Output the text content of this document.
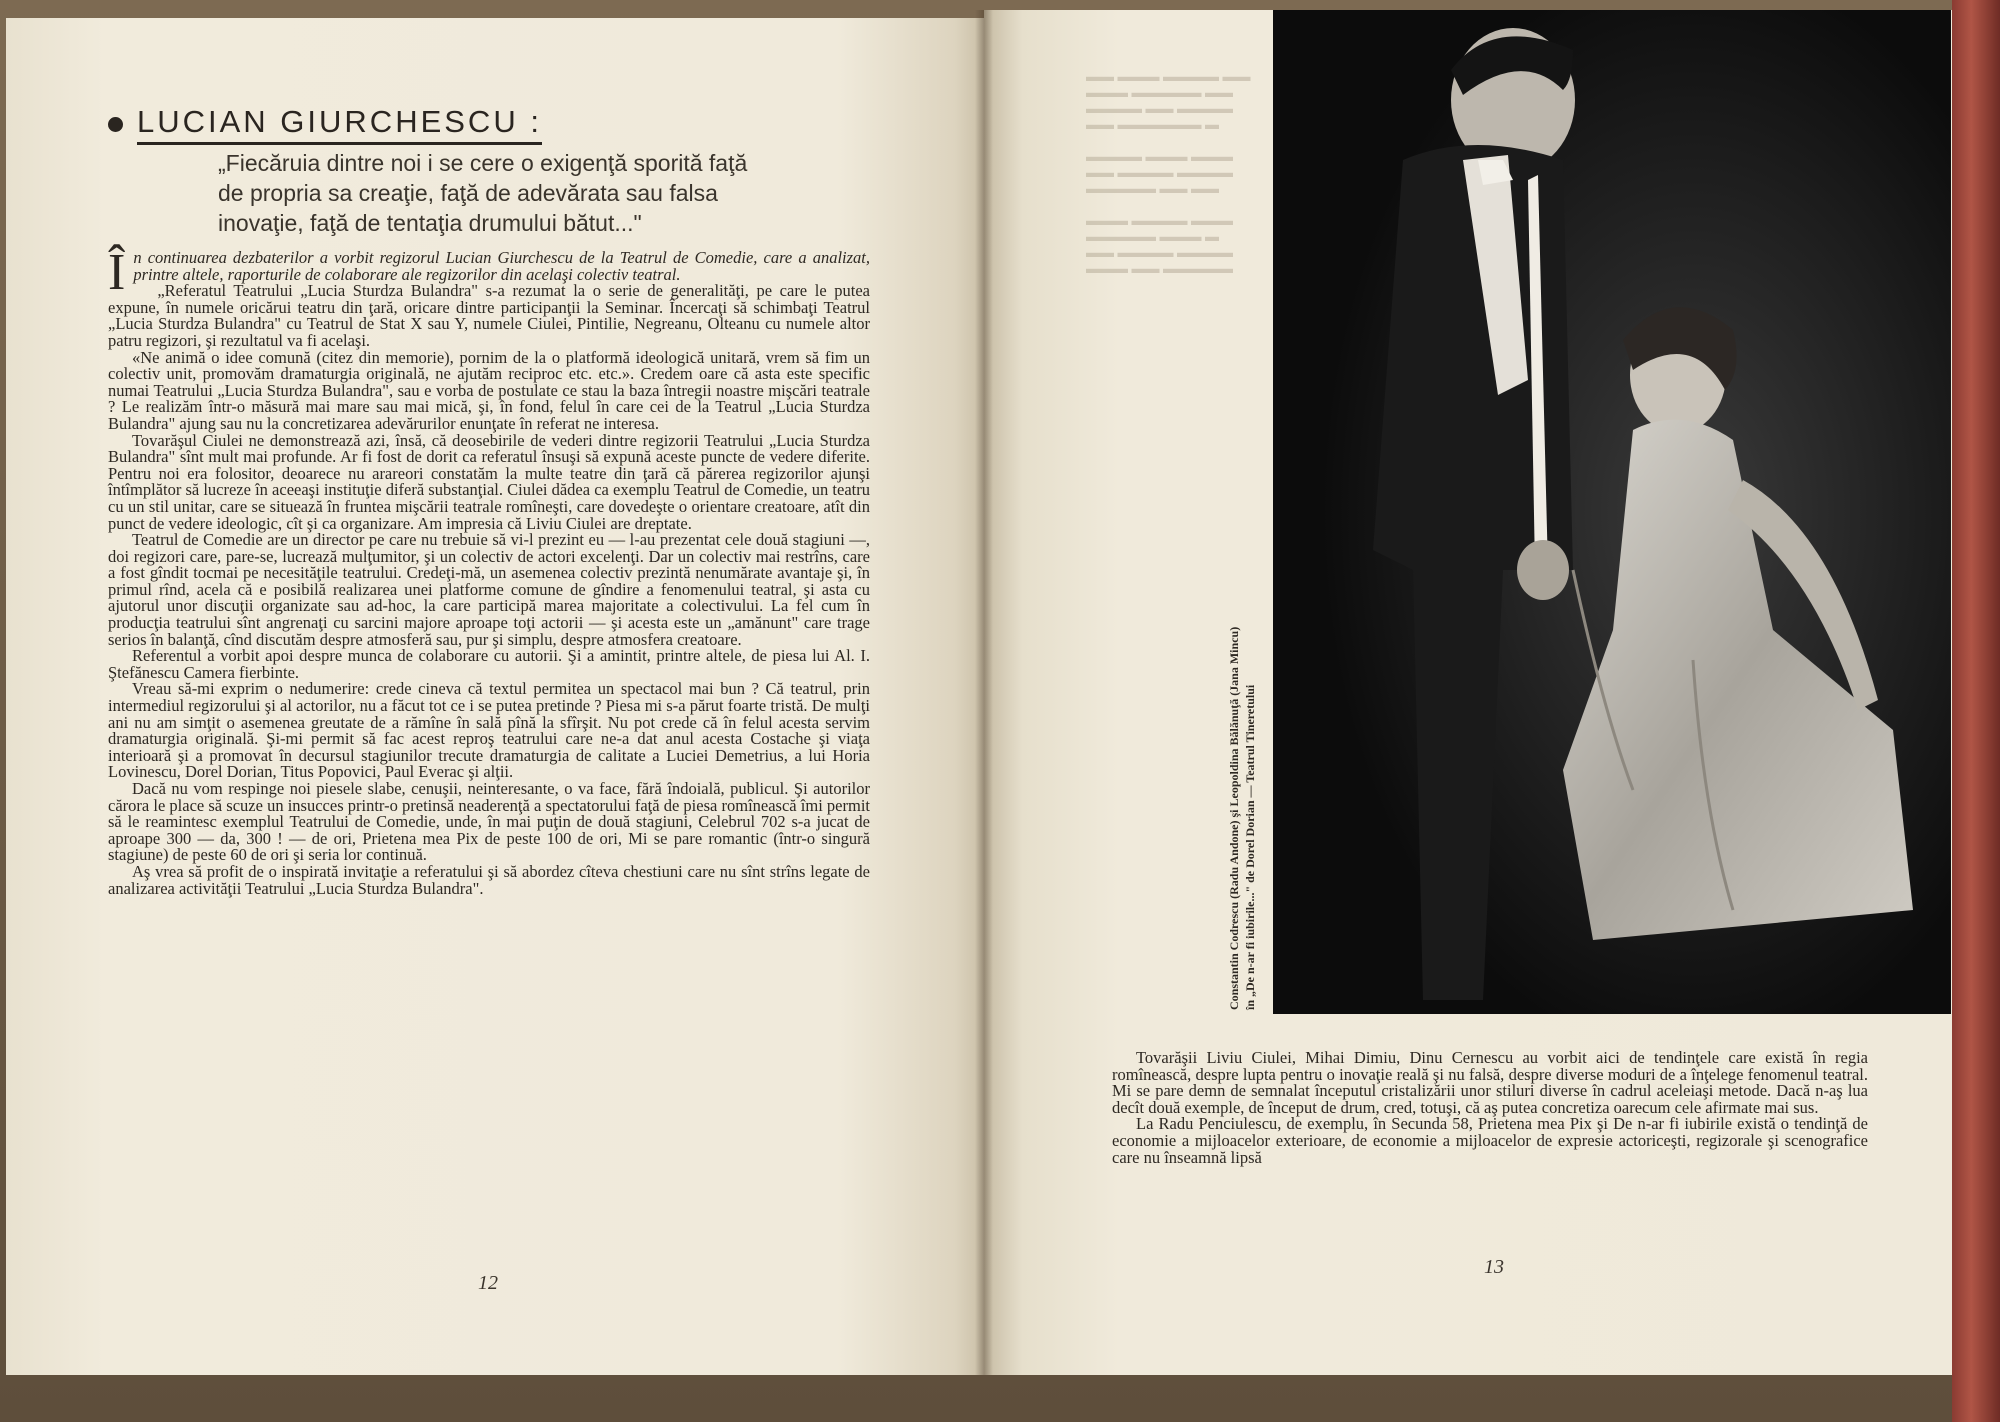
LUCIAN GIURCHESCU :
„Fiecăruia dintre noi i se cere o exigenţă sporită faţă de propria sa creaţie, faţă de adevărata sau falsa inovaţie, faţă de tentaţia drumului bătut..."

În continuarea dezbaterilor a vorbit regizorul Lucian Giurchescu de la Teatrul de Comedie, care a analizat, printre altele, raporturile de colaborare ale regizorilor din acelaşi colectiv teatral.

„Referatul Teatrului „Lucia Sturdza Bulandra" s-a rezumat la o serie de generalităţi, pe care le putea expune, în numele oricărui teatru din ţară, oricare dintre participanţii la Seminar. Încercaţi să schimbaţi Teatrul „Lucia Sturdza Bulandra" cu Teatrul de Stat X sau Y, numele Ciulei, Pintilie, Negreanu, Olteanu cu numele altor patru regizori, şi rezultatul va fi acelaşi.

«Ne animă o idee comună (citez din memorie), pornim de la o platformă ideologică unitară, vrem să fim un colectiv unit, promovăm dramaturgia originală, ne ajutăm reciproc etc. etc.». Credem oare că asta este specific numai Teatrului „Lucia Sturdza Bulandra", sau e vorba de postulate ce stau la baza întregii noastre mişcări teatrale ? Le realizăm într-o măsură mai mare sau mai mică, şi, în fond, felul în care cei de la Teatrul „Lucia Sturdza Bulandra" ajung sau nu la concretizarea adevărurilor enunţate în referat ne interesa.

Tovarăşul Ciulei ne demonstrează azi, însă, că deosebirile de vederi dintre regizorii Teatrului „Lucia Sturdza Bulandra" sînt mult mai profunde. Ar fi fost de dorit ca referatul însuşi să expună aceste puncte de vedere diferite. Pentru noi era folositor, deoarece nu arareori constatăm la multe teatre din ţară că părerea regizorilor ajunşi întîmplător să lucreze în aceeaşi instituţie diferă substanţial. Ciulei dădea ca exemplu Teatrul de Comedie, un teatru cu un stil unitar, care se situează în fruntea mişcării teatrale romîneşti, care dovedeşte o orientare creatoare, atît din punct de vedere ideologic, cît şi ca organizare. Am impresia că Liviu Ciulei are dreptate.

Teatrul de Comedie are un director pe care nu trebuie să vi-l prezint eu — l-au prezentat cele două stagiuni —, doi regizori care, pare-se, lucrează mulţumitor, şi un colectiv de actori excelenţi. Dar un colectiv mai restrîns, care a fost gîndit tocmai pe necesităţile teatrului. Credeţi-mă, un asemenea colectiv prezintă nenumărate avantaje şi, în primul rînd, acela că e posibilă realizarea unei platforme comune de gîndire a fenomenului teatral, şi asta cu ajutorul unor discuţii organizate sau ad-hoc, la care participă marea majoritate a colectivului. La fel cum în producţia teatrului sînt angrenaţi cu sarcini majore aproape toţi actorii — şi acesta este un „amănunt" care trage serios în balanţă, cînd discutăm despre atmosferă sau, pur şi simplu, despre atmosfera creatoare.

Referentul a vorbit apoi despre munca de colaborare cu autorii. Şi a amintit, printre altele, de piesa lui Al. I. Ştefănescu Camera fierbinte.

Vreau să-mi exprim o nedumerire: crede cineva că textul permitea un spectacol mai bun ? Că teatrul, prin intermediul regizorului şi al actorilor, nu a făcut tot ce i se putea pretinde ? Piesa mi s-a părut foarte tristă. De mulţi ani nu am simţit o asemenea greutate de a rămîne în sală pînă la sfîrşit. Nu pot crede că în felul acesta servim dramaturgia originală. Şi-mi permit să fac acest reproş teatrului care ne-a dat anul acesta Costache şi viaţa interioară şi a promovat în decursul stagiunilor trecute dramaturgia de calitate a Luciei Demetrius, a lui Horia Lovinescu, Dorel Dorian, Titus Popovici, Paul Everac şi alţii.

Dacă nu vom respinge noi piesele slabe, cenuşii, neinteresante, o va face, fără îndoială, publicul. Şi autorilor cărora le place să scuze un insucces printr-o pretinsă neaderenţă a spectatorului faţă de piesa romînească îmi permit să le reamintesc exemplul Teatrului de Comedie, unde, în mai puţin de două stagiuni, Celebrul 702 s-a jucat de aproape 300 — da, 300 ! — de ori, Prietena mea Pix de peste 100 de ori, Mi se pare romantic (într-o singură stagiune) de peste 60 de ori şi seria lor continuă.

Aş vrea să profit de o inspirată invitaţie a referatului şi să abordez cîteva chestiuni care nu sînt strîns legate de analizarea activităţii Teatrului „Lucia Sturdza Bulandra".

12
▬▬ ▬▬▬ ▬▬▬▬ ▬▬
▬▬▬ ▬▬▬▬▬ ▬▬
▬▬▬▬ ▬▬ ▬▬▬▬
▬▬ ▬▬▬▬▬▬ ▬

▬▬▬▬ ▬▬▬ ▬▬▬
▬▬ ▬▬▬▬ ▬▬▬▬
▬▬▬▬▬ ▬▬ ▬▬

▬▬▬ ▬▬▬▬ ▬▬▬
▬▬▬▬▬ ▬▬▬ ▬
▬▬ ▬▬▬▬ ▬▬▬▬
▬▬▬ ▬▬ ▬▬▬▬▬

Tovarăşii Liviu Ciulei, Mihai Dimiu, Dinu Cernescu au vorbit aici de tendinţele care există în regia romînească, despre lupta pentru o inovaţie reală şi nu falsă, despre diverse moduri de a înţelege fenomenul teatral. Mi se pare demn de semnalat începutul cristalizării unor stiluri diverse în cadrul aceleiaşi metode. Dacă n-aş lua decît două exemple, de început de drum, cred, totuşi, că aş putea concretiza oarecum cele afirmate mai sus.

La Radu Penciulescu, de exemplu, în Secunda 58, Prietena mea Pix şi De n-ar fi iubirile există o tendinţă de economie a mijloacelor exterioare, de economie a mijloacelor de expresie actoriceşti, regizorale şi scenografice care nu înseamnă lipsă

13
